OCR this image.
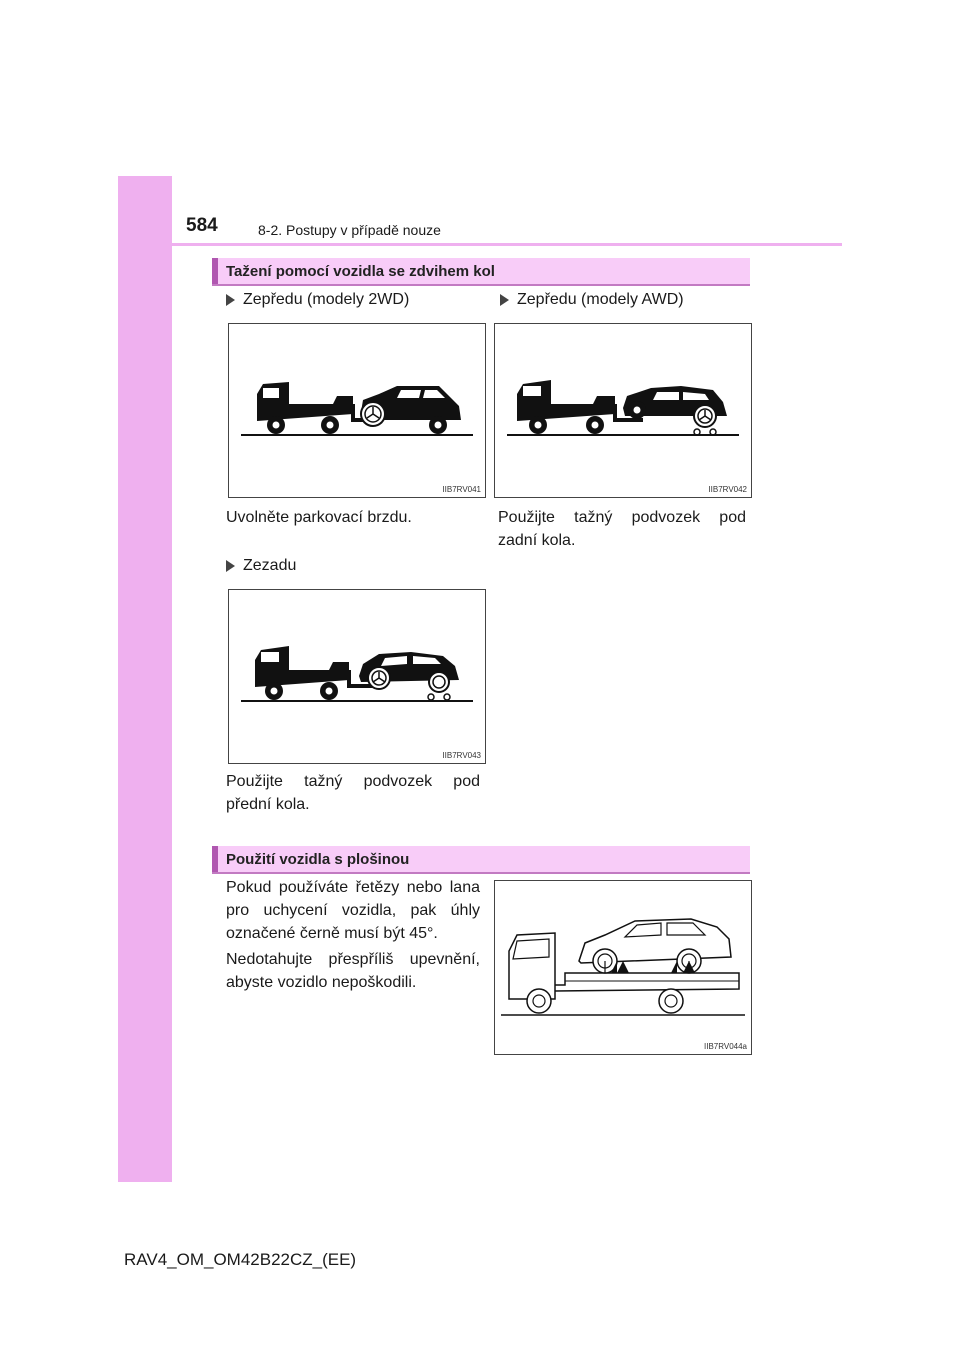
584	8-2. Postupy v případě nouze
Tažení pomocí vozidla se zdvihem kol
Zepředu (modely 2WD)	Zepředu (modely AWD)
IIB7RV041	IIB7RV042
Uvolněte parkovací brzdu.	Použijte tažný podvozek pod
zadní kola.
Zezadu
IIB7RV043
Použijte tažný podvozek pod
přední kola.
Použití vozidla s plošinou
Pokud používáte řetězy nebo lana
pro uchycení vozidla, pak úhly
označené černě musí být 45°.
Nedotahujte přespříliš upevnění,
abyste vozidlo nepoškodili.
IIB7RV044a
RAV4_OM_OM42B22CZ_(EE)
